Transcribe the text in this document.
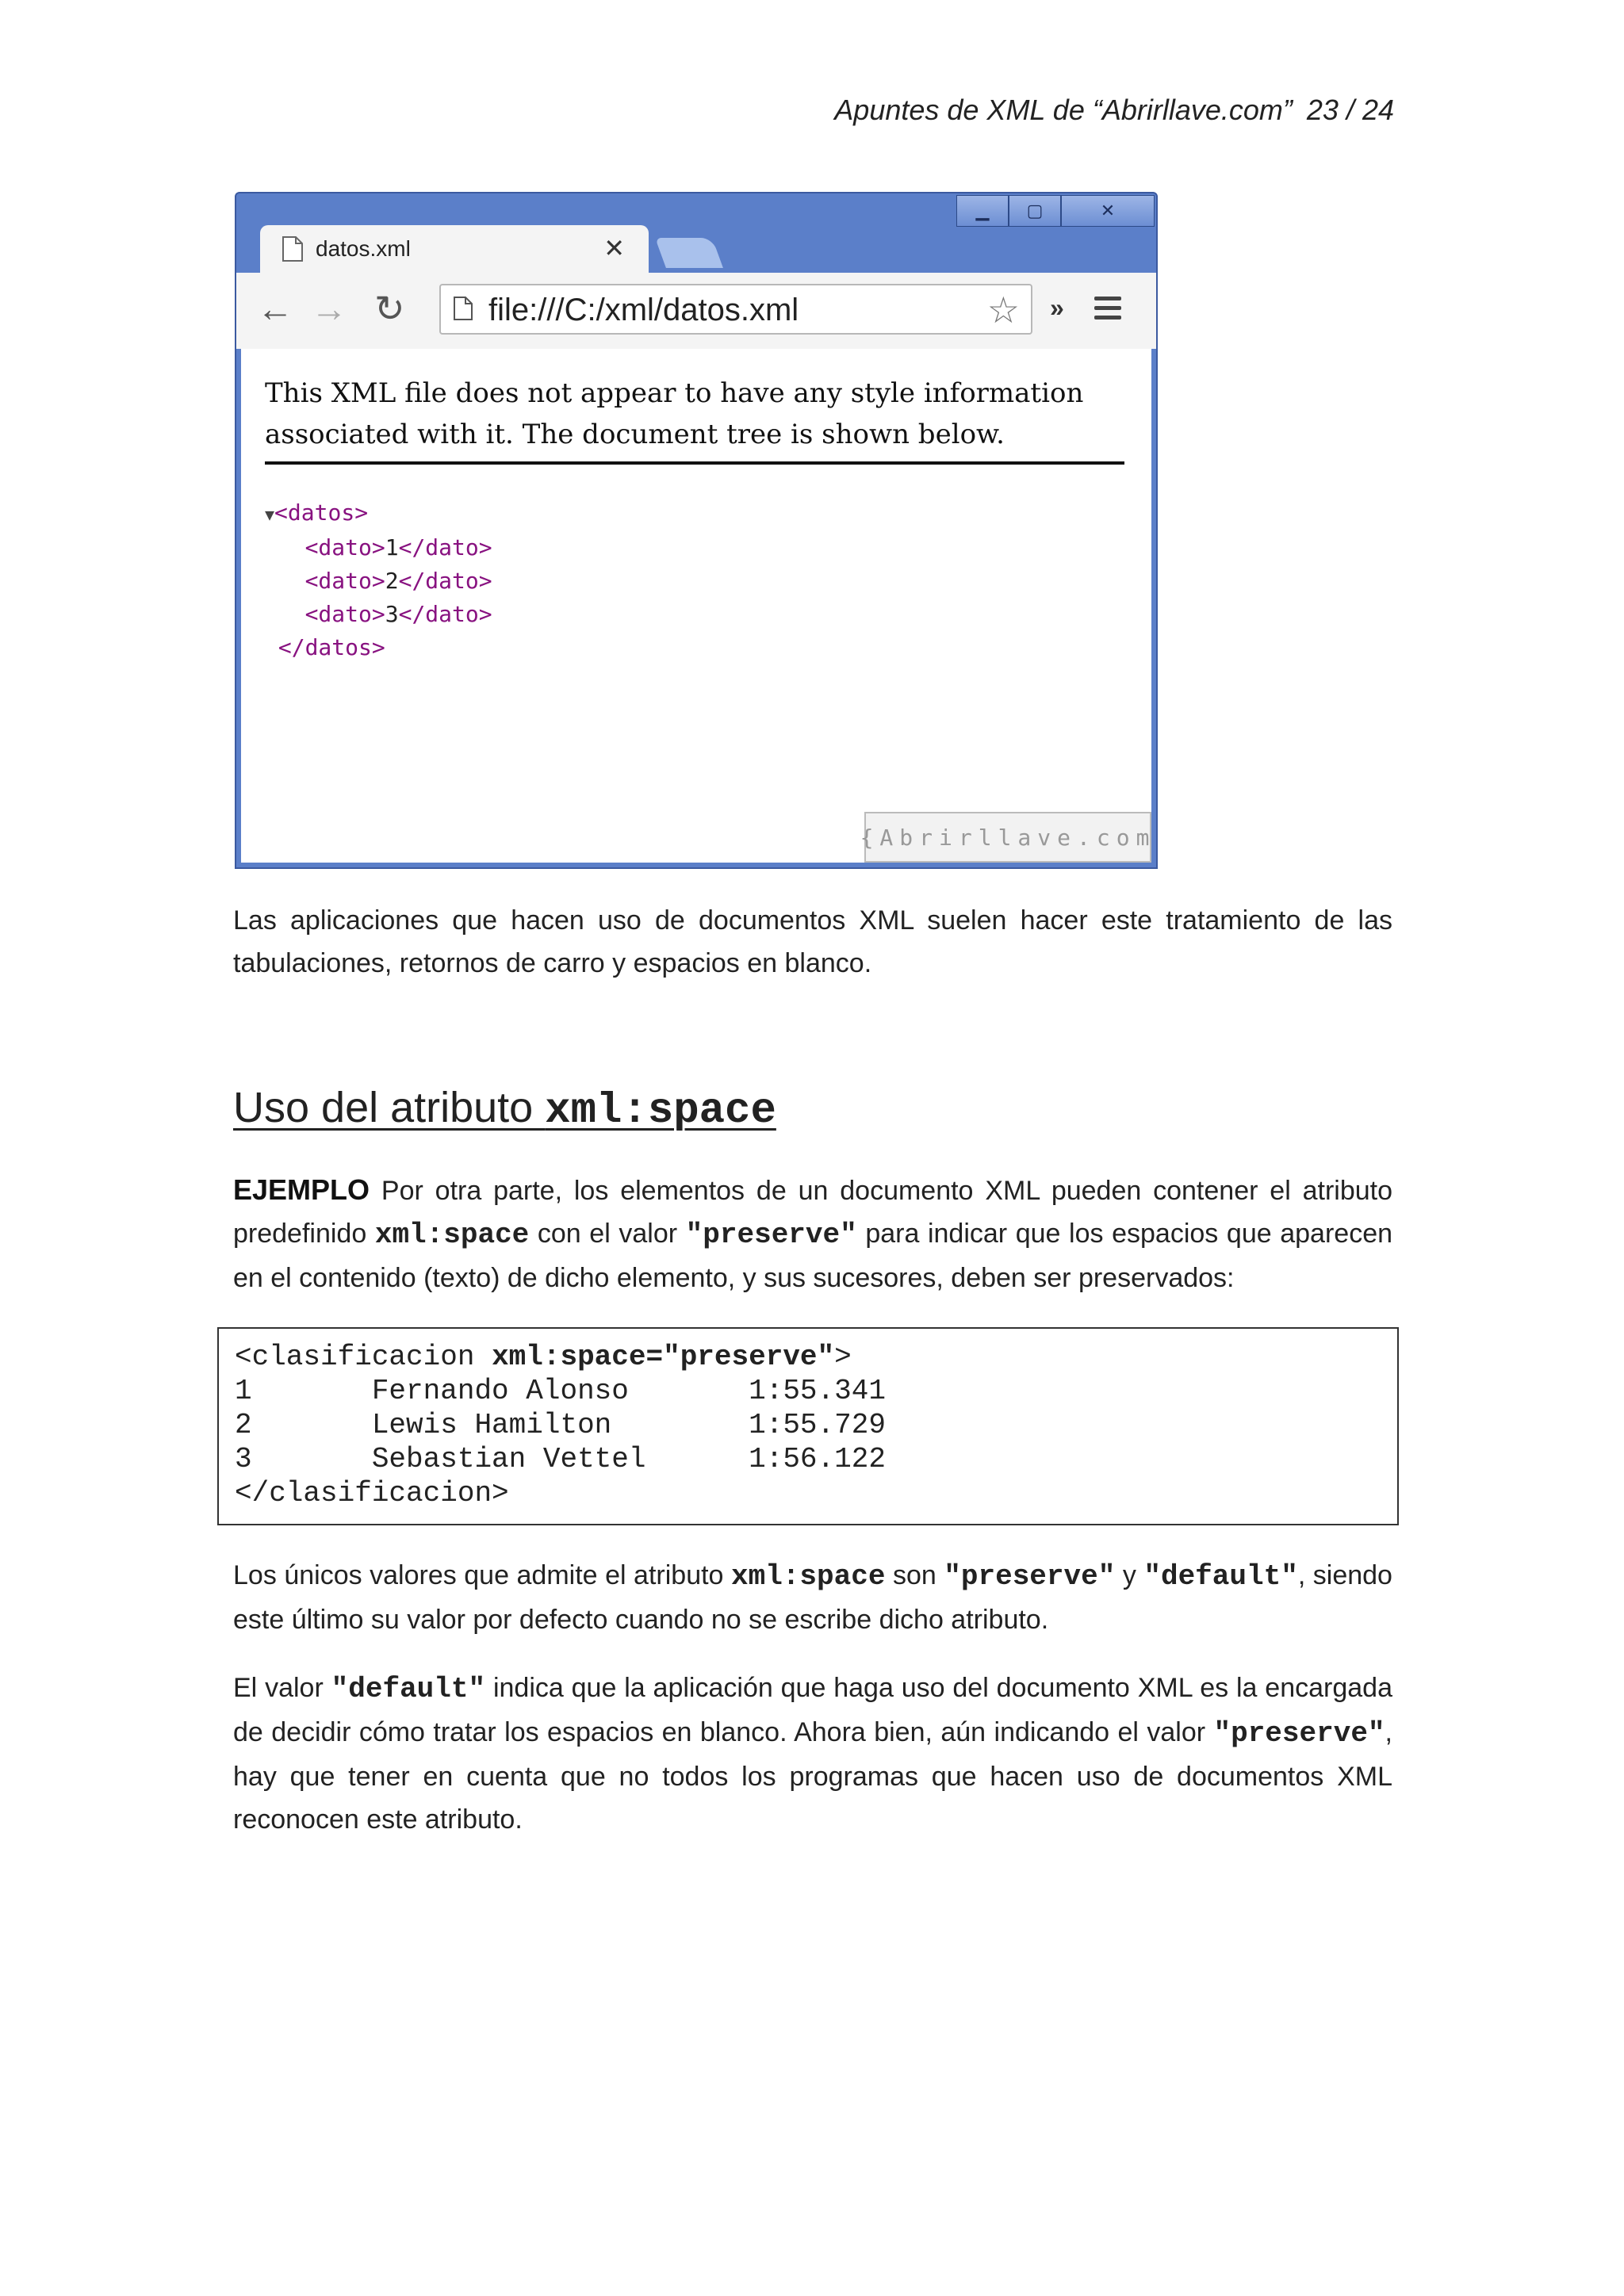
Apuntes de XML de “Abrirllave.com” 23 / 24
▁	▢	✕
datos.xml	✕
← → ↻	file:///C:/xml/datos.xml	☆ »
This XML file does not appear to have any style information associated with it. The document tree is shown below.
▼<datos>
<dato>1</dato>
<dato>2</dato>
<dato>3</dato>
</datos>
{Abrirllave.com
Las aplicaciones que hacen uso de documentos XML suelen hacer este tratamiento de las tabulaciones, retornos de carro y espacios en blanco.
Uso del atributo xml:space
EJEMPLO Por otra parte, los elementos de un documento XML pueden contener el atributo predefinido xml:space con el valor "preserve" para indicar que los espacios que aparecen en el contenido (texto) de dicho elemento, y sus sucesores, deben ser preservados:
<clasificacion xml:space="preserve">
1       Fernando Alonso       1:55.341
2       Lewis Hamilton        1:55.729
3       Sebastian Vettel      1:56.122
</clasificacion>
Los únicos valores que admite el atributo xml:space son "preserve" y "default", siendo este último su valor por defecto cuando no se escribe dicho atributo.
El valor "default" indica que la aplicación que haga uso del documento XML es la encargada de decidir cómo tratar los espacios en blanco. Ahora bien, aún indicando el valor "preserve", hay que tener en cuenta que no todos los programas que hacen uso de documentos XML reconocen este atributo.
